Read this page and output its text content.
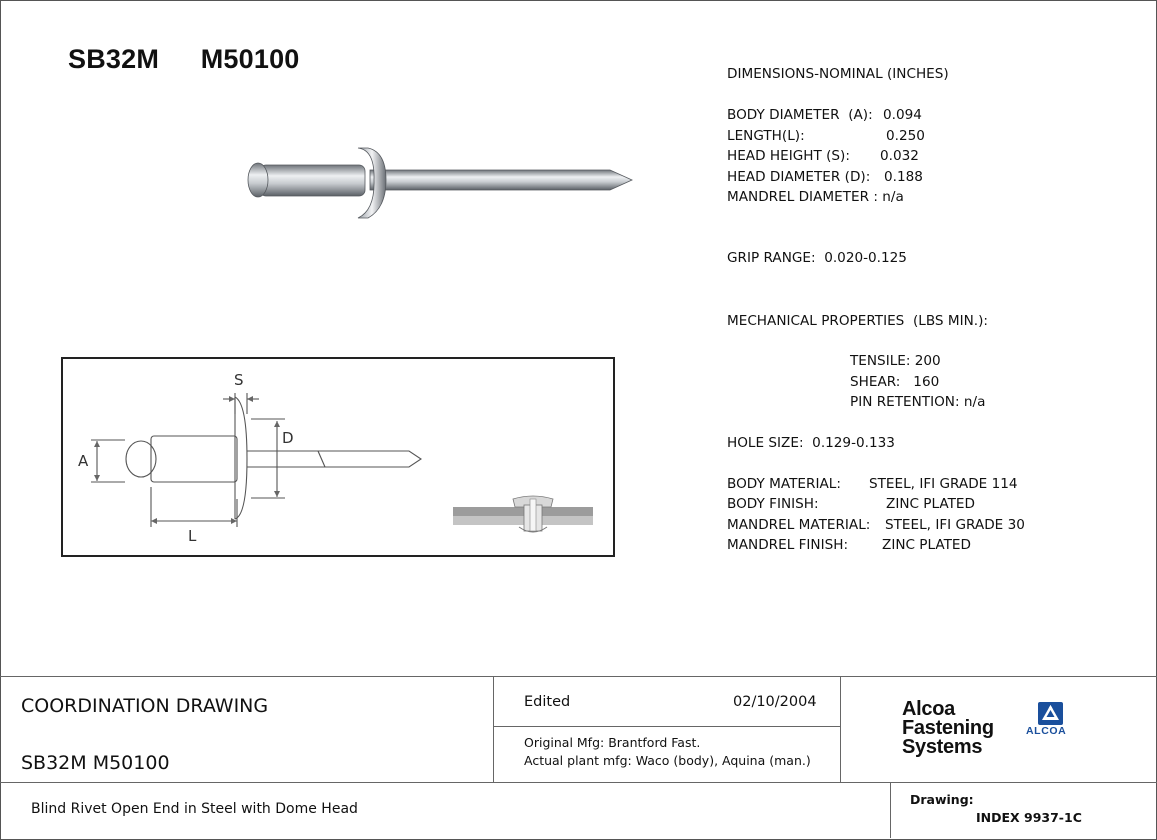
SB32M M50100
S
D
A
L
DIMENSIONS-NOMINAL (INCHES)
BODY DIAMETER  (A): 0.094
LENGTH(L):	0.250
HEAD HEIGHT (S): 0.032
HEAD DIAMETER (D): 0.188
MANDREL DIAMETER : n/a
GRIP RANGE:  0.020-0.125
MECHANICAL PROPERTIES  (LBS MIN.):
TENSILE: 200
SHEAR:   160
PIN RETENTION: n/a
HOLE SIZE:  0.129-0.133
BODY MATERIAL: STEEL, IFI GRADE 114
BODY FINISH:	ZINC PLATED
MANDREL MATERIAL: STEEL, IFI GRADE 30
MANDREL FINISH: ZINC PLATED
COORDINATION DRAWING
SB32M M50100
Edited	02/10/2004
Original Mfg: Brantford Fast.
Actual plant mfg: Waco (body), Aquina (man.)
Alcoa
Fastening
Systems
ALCOA
Blind Rivet Open End in Steel with Dome Head
Drawing:
INDEX 9937-1C
